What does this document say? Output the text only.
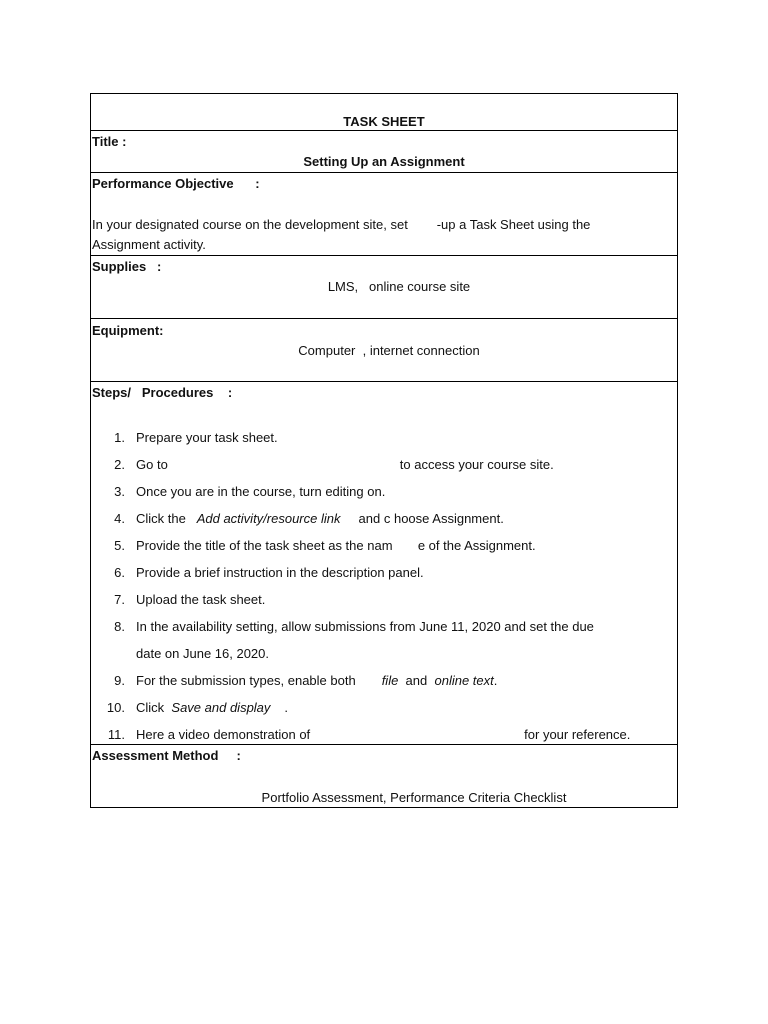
TASK SHEET
Title :
Setting Up an Assignment
Performance Objective      :
In your designated course on the development site, set        -up a Task Sheet using the
Assignment activity.
Supplies   :
LMS,   online course site
Equipment:
Computer  , internet connection
Steps/   Procedures    :
1. Prepare your task sheet.
2. Go to	to access your course site.
3. Once you are in the course, turn editing on.
4. Click the Add activity/resource link and c hoose Assignment.
5. Provide the title of the task sheet as the nam       e of the Assignment.
6. Provide a brief instruction in the description panel.
7. Upload the task sheet.
8. In the availability setting, allow submissions from June 11, 2020 and set the due
date on June 16, 2020.
9. For the submission types, enable both file and online text.
10. Click Save and display .
11. Here a video demonstration of	for your reference.
Assessment Method     :
Portfolio Assessment, Performance Criteria Checklist
